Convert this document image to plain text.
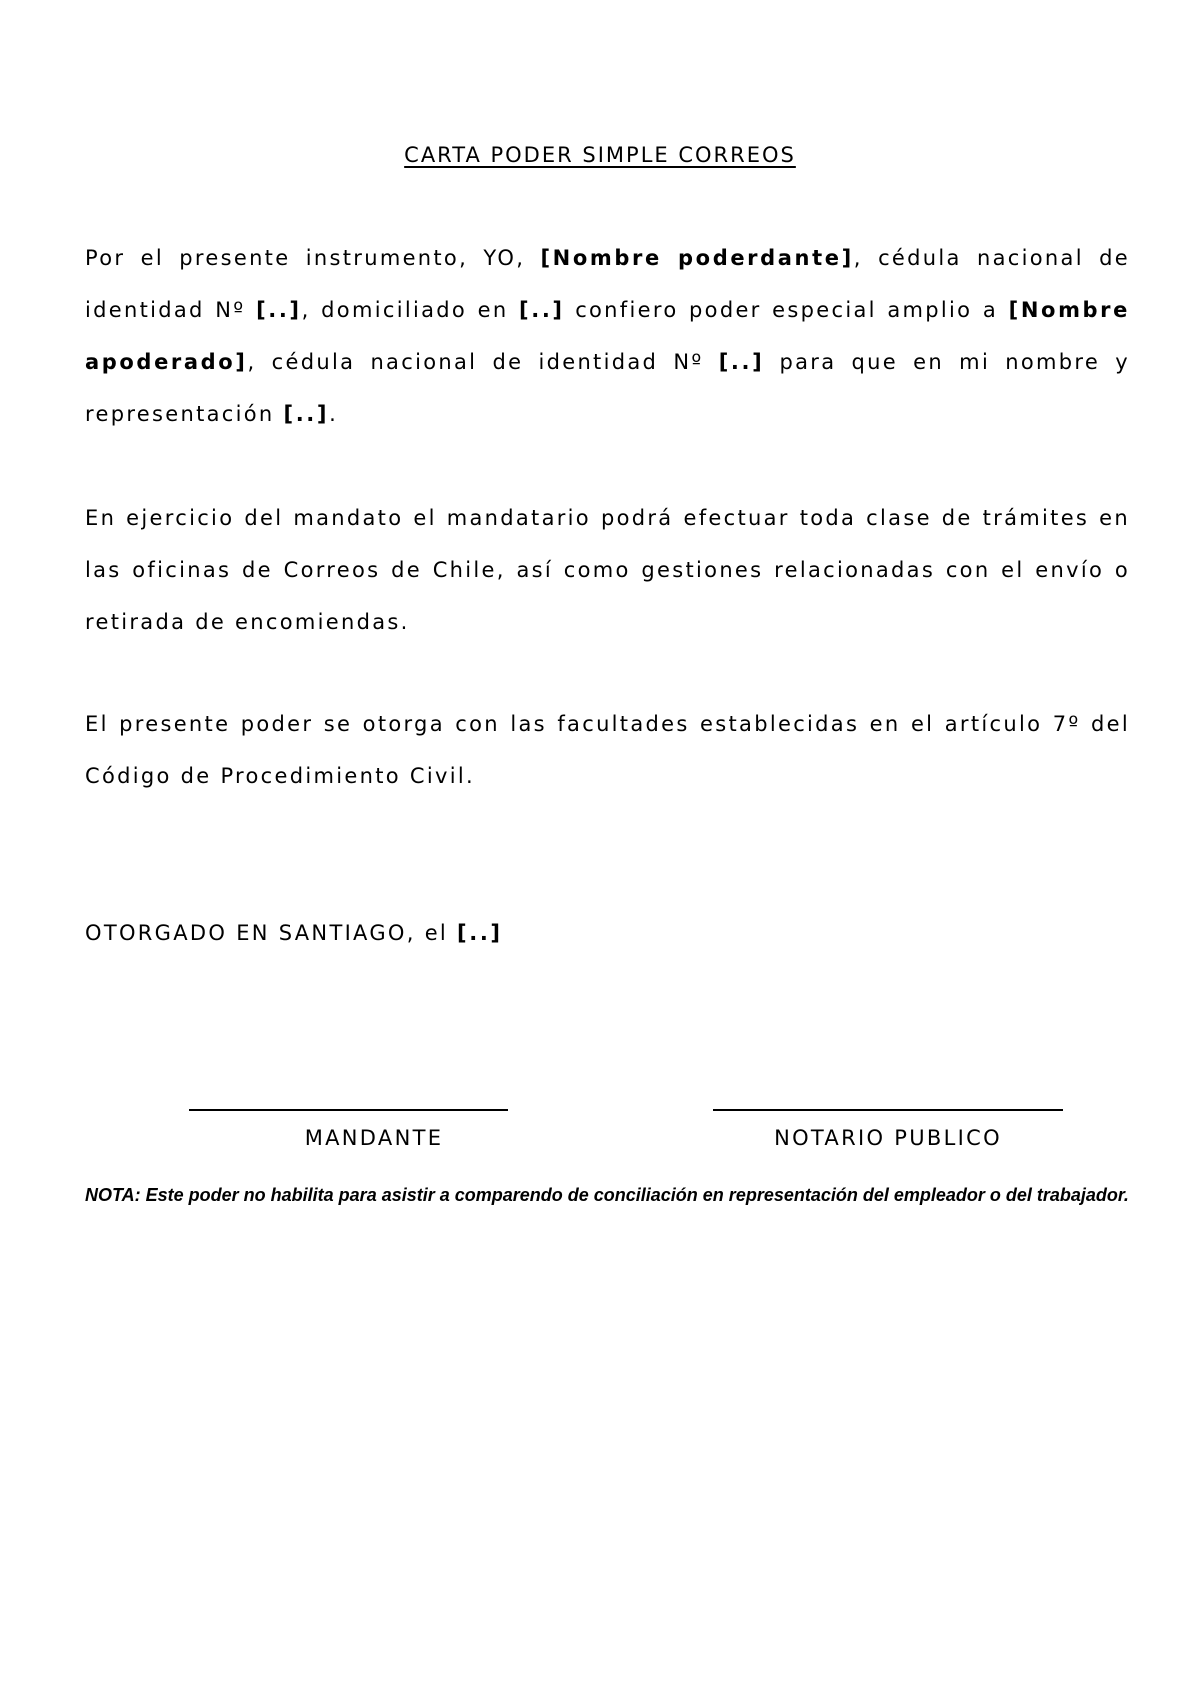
CARTA PODER SIMPLE CORREOS

Por el presente instrumento, YO, [Nombre poderdante], cédula nacional de identidad Nº [..], domiciliado en [..] confiero poder especial amplio a [Nombre apoderado], cédula nacional de identidad Nº [..] para que en mi nombre y representación [..].

En ejercicio del mandato el mandatario podrá efectuar toda clase de trámites en las oficinas de Correos de Chile, así como gestiones relacionadas con el envío o retirada de encomiendas.

El presente poder se otorga con las facultades establecidas en el artículo 7º del Código de Procedimiento Civil.

OTORGADO EN SANTIAGO, el [..]

MANDANTE	NOTARIO PUBLICO

NOTA: Este poder no habilita para asistir a comparendo de conciliación en representación del empleador o del trabajador.
